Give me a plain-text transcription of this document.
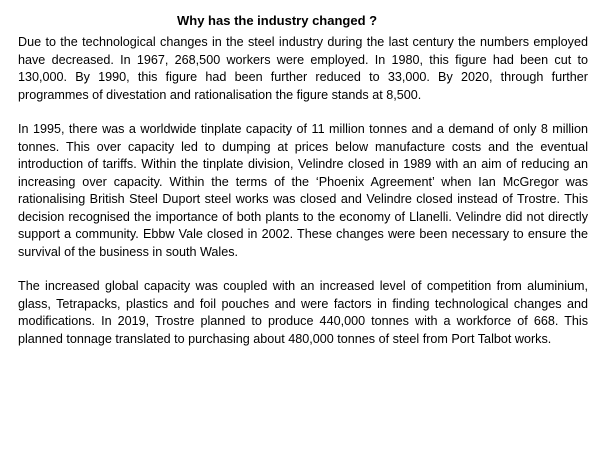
Why has the industry changed ?

Due to the technological changes in the steel industry during the last century the numbers employed have decreased. In 1967, 268,500 workers were employed. In 1980, this figure had been cut to 130,000. By 1990, this figure had been further reduced to 33,000. By 2020, through further programmes of divestation and rationalisation the figure stands at 8,500.

In 1995, there was a worldwide tinplate capacity of 11 million tonnes and a demand of only 8 million tonnes. This over capacity led to dumping at prices below manufacture costs and the eventual introduction of tariffs. Within the tinplate division, Velindre closed in 1989 with an aim of reducing an increasing over capacity. Within the terms of the ‘Phoenix Agreement’ when Ian McGregor was rationalising British Steel Duport steel works was closed and Velindre closed instead of Trostre. This decision recognised the importance of both plants to the economy of Llanelli. Velindre did not directly support a community. Ebbw Vale closed in 2002. These changes were been necessary to ensure the survival of the business in south Wales.

The increased global capacity was coupled with an increased level of competition from aluminium, glass, Tetrapacks, plastics and foil pouches and were factors in finding technological changes and modifications. In 2019, Trostre planned to produce 440,000 tonnes with a workforce of 668. This planned tonnage translated to purchasing about 480,000 tonnes of steel from Port Talbot works.
